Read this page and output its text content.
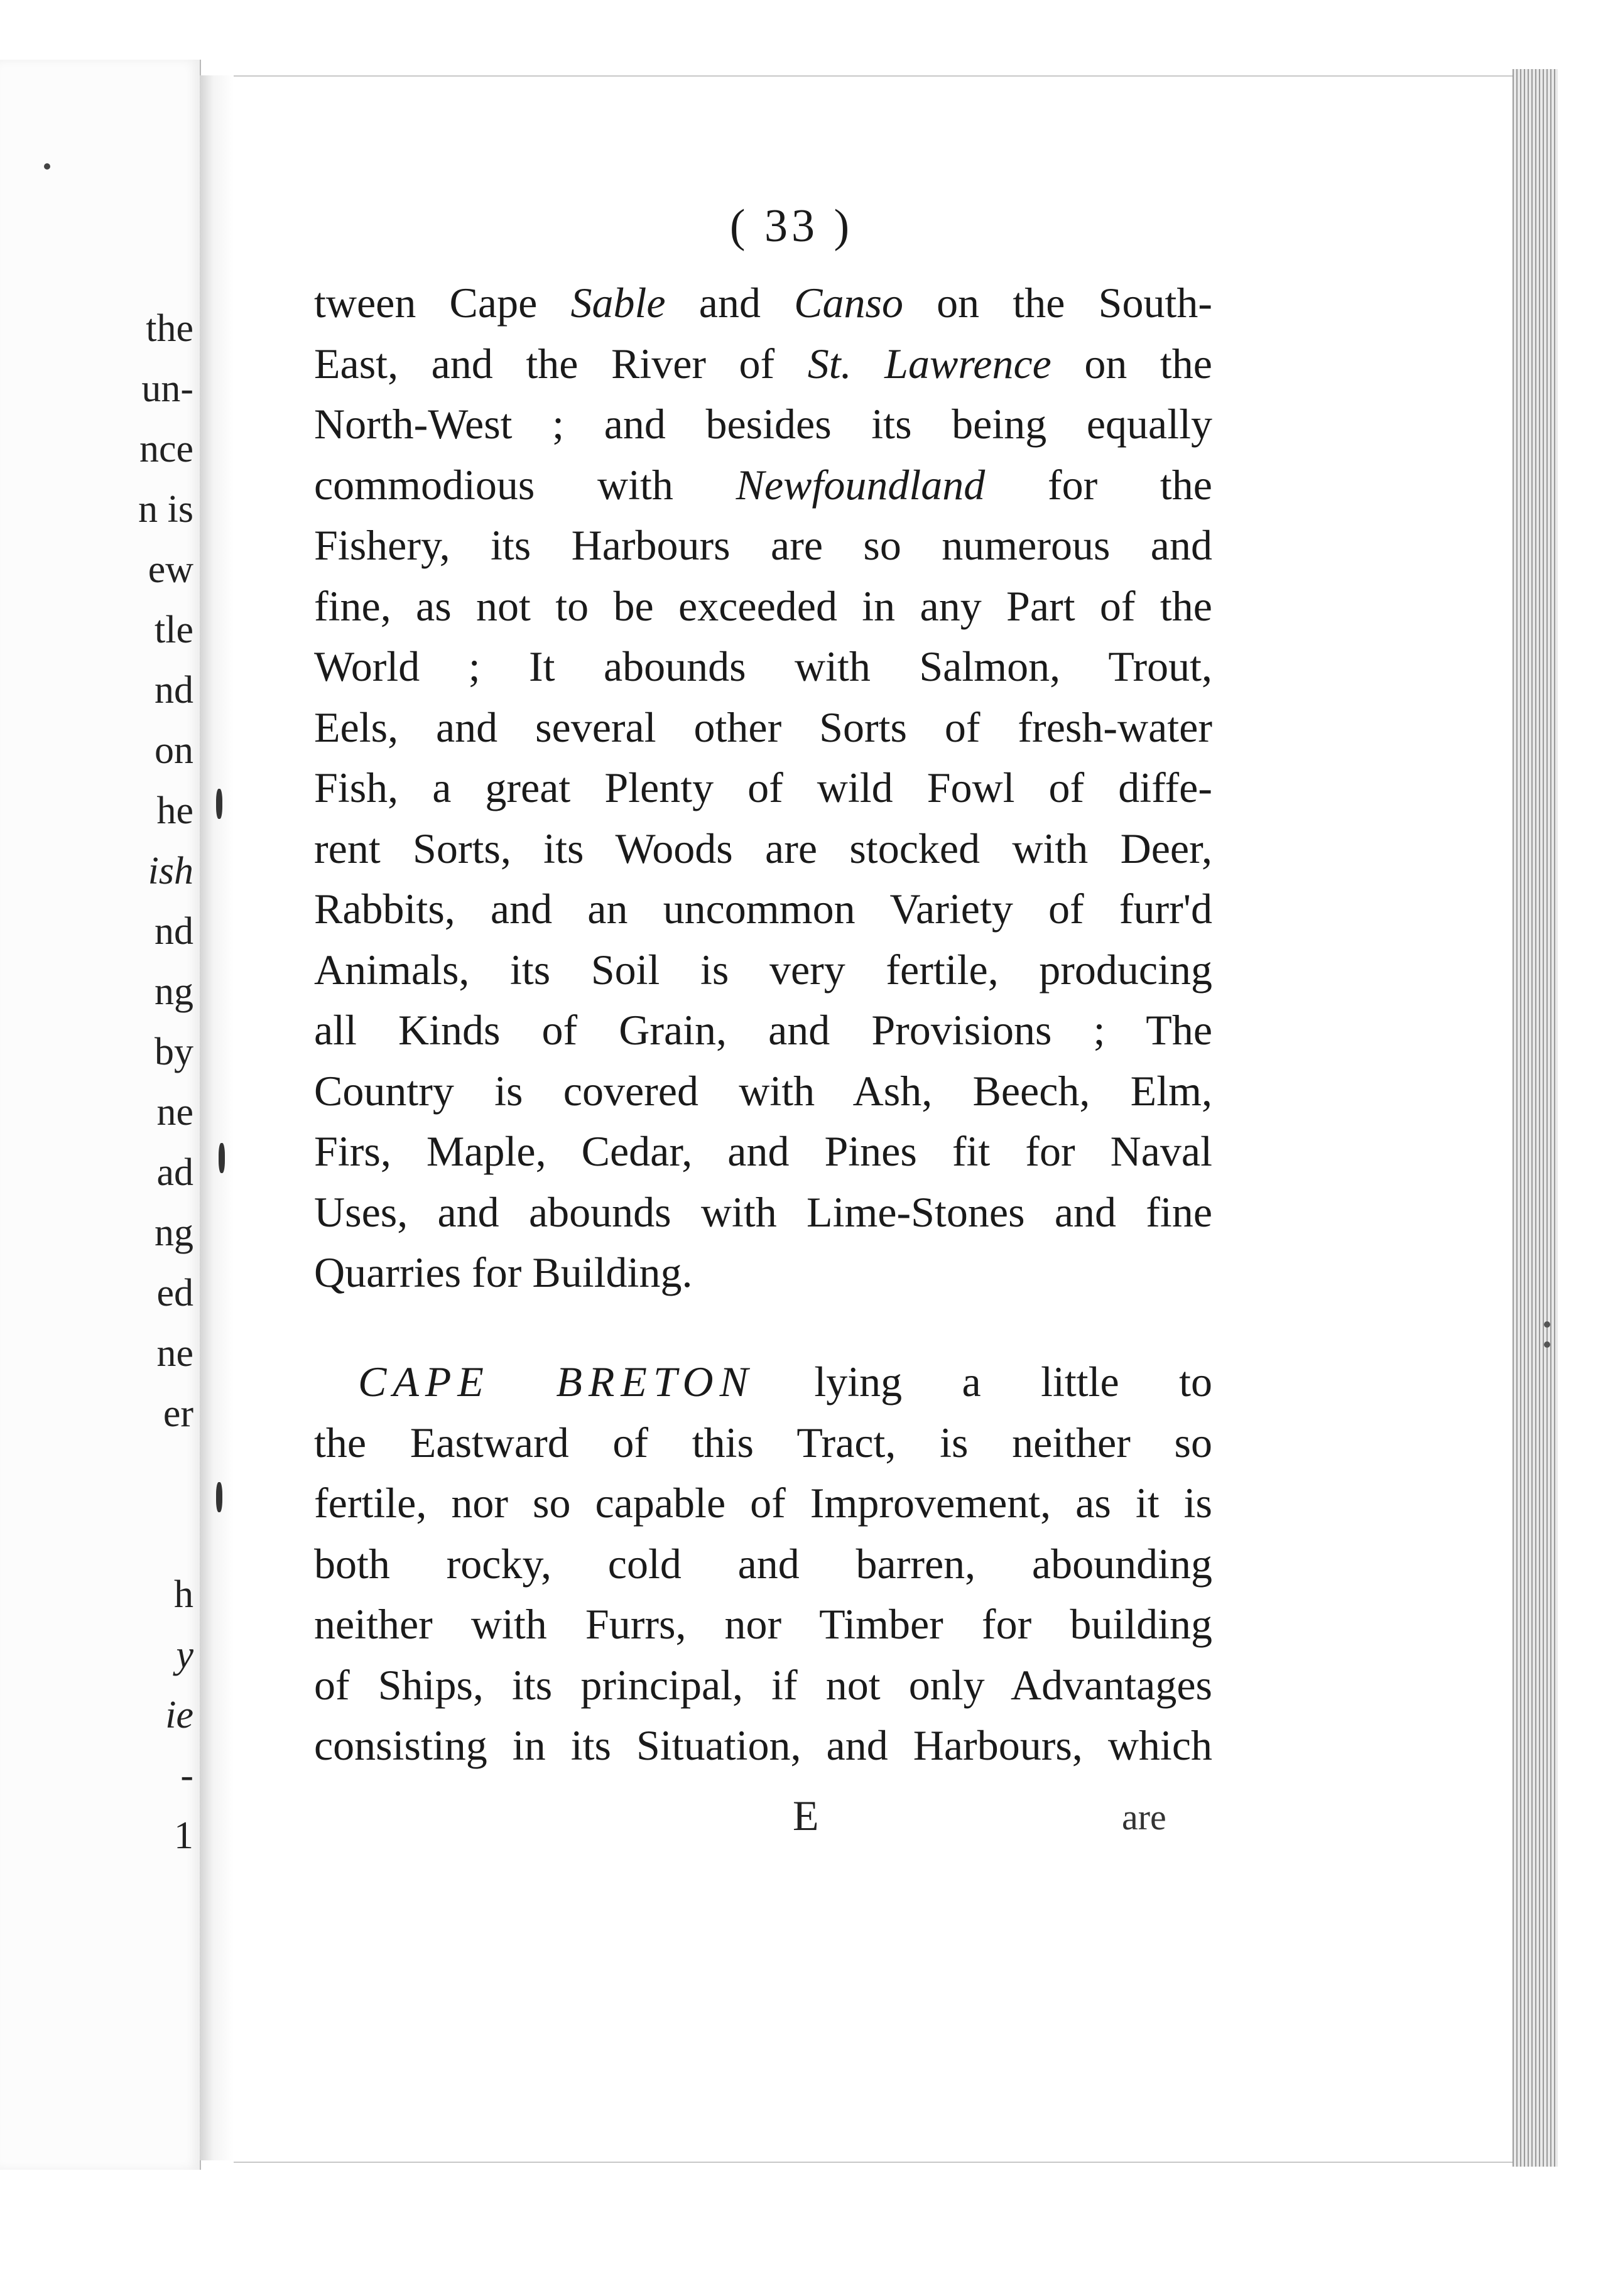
the
un-
nce
n is
ew
tle
nd
on
he
ish
nd
ng
by
ne
ad
ng
ed
ne
er
h
y
ie
-
1
( 33 )
tween Cape Sable and Canso on the South-
East, and the River of St. Lawrence on the
North-West ; and besides its being equally
commodious with Newfoundland for the
Fishery, its Harbours are so numerous and
fine, as not to be exceeded in any Part of the
World ; It abounds with Salmon, Trout,
Eels, and several other Sorts of fresh-water
Fish, a great Plenty of wild Fowl of diffe-
rent Sorts, its Woods are stocked with Deer,
Rabbits, and an uncommon Variety of furr'd
Animals, its Soil is very fertile, producing
all Kinds of Grain, and Provisions ; The
Country is covered with Ash, Beech, Elm,
Firs, Maple, Cedar, and Pines fit for Naval
Uses, and abounds with Lime-Stones and fine
Quarries for Building.
CAPE BRETON lying a little to
the Eastward of this Tract, is neither so
fertile, nor so capable of Improvement, as it is
both rocky, cold and barren, abounding
neither with Furrs, nor Timber for building
of Ships, its principal, if not only Advantages
consisting in its Situation, and Harbours, which
E	are
